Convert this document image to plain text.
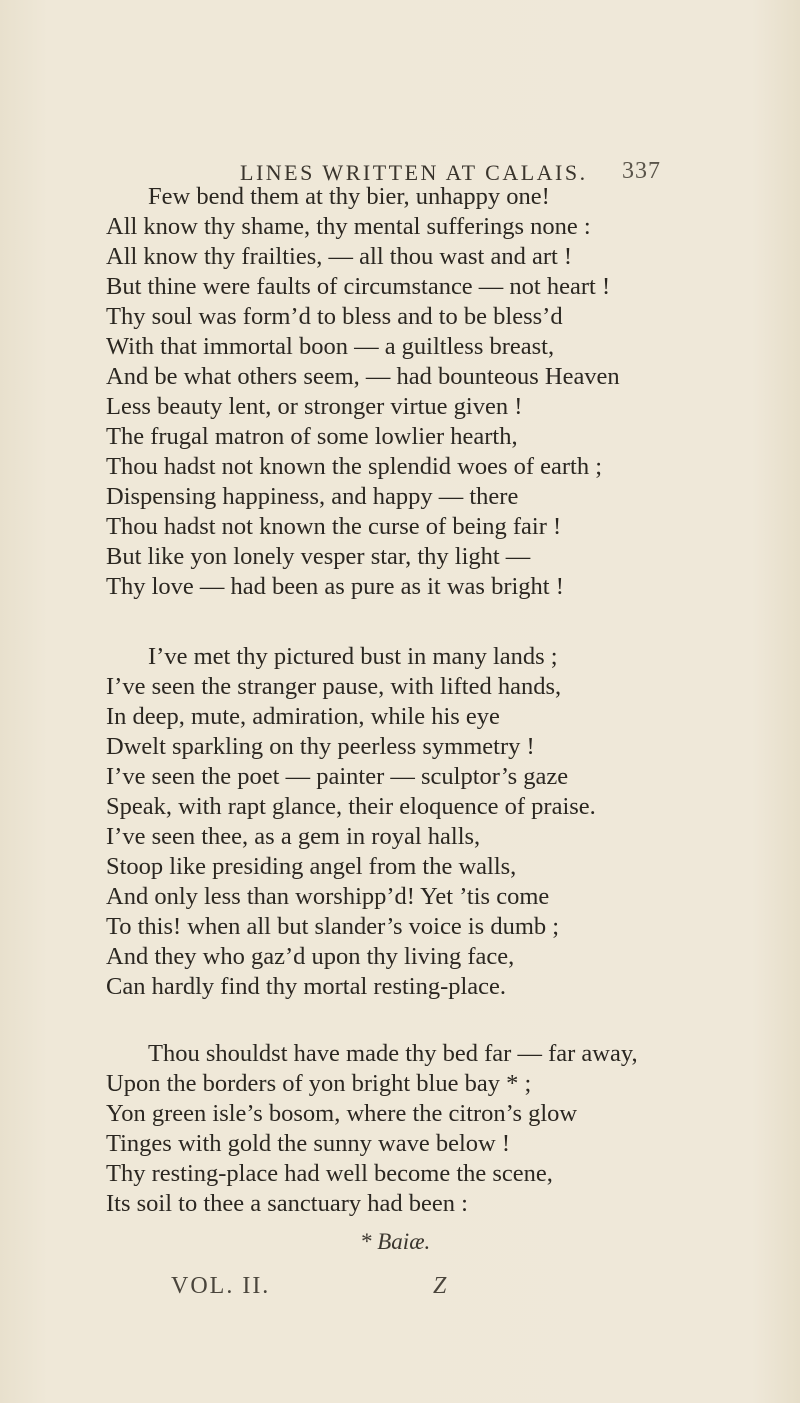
LINES WRITTEN AT CALAIS. 337
Few bend them at thy bier, unhappy one!
All know thy shame, thy mental sufferings none :
All know thy frailties, — all thou wast and art !
But thine were faults of circumstance — not heart !
Thy soul was form’d to bless and to be bless’d
With that immortal boon — a guiltless breast,
And be what others seem, — had bounteous Heaven
Less beauty lent, or stronger virtue given !
The frugal matron of some lowlier hearth,
Thou hadst not known the splendid woes of earth ;
Dispensing happiness, and happy — there
Thou hadst not known the curse of being fair !
But like yon lonely vesper star, thy light —
Thy love — had been as pure as it was bright !
I’ve met thy pictured bust in many lands ;
I’ve seen the stranger pause, with lifted hands,
In deep, mute, admiration, while his eye
Dwelt sparkling on thy peerless symmetry !
I’ve seen the poet — painter — sculptor’s gaze
Speak, with rapt glance, their eloquence of praise.
I’ve seen thee, as a gem in royal halls,
Stoop like presiding angel from the walls,
And only less than worshipp’d! Yet ’tis come
To this! when all but slander’s voice is dumb ;
And they who gaz’d upon thy living face,
Can hardly find thy mortal resting-place.
Thou shouldst have made thy bed far — far away,
Upon the borders of yon bright blue bay * ;
Yon green isle’s bosom, where the citron’s glow
Tinges with gold the sunny wave below !
Thy resting-place had well become the scene,
Its soil to thee a sanctuary had been :
* Baiæ.
VOL. II.	Z
